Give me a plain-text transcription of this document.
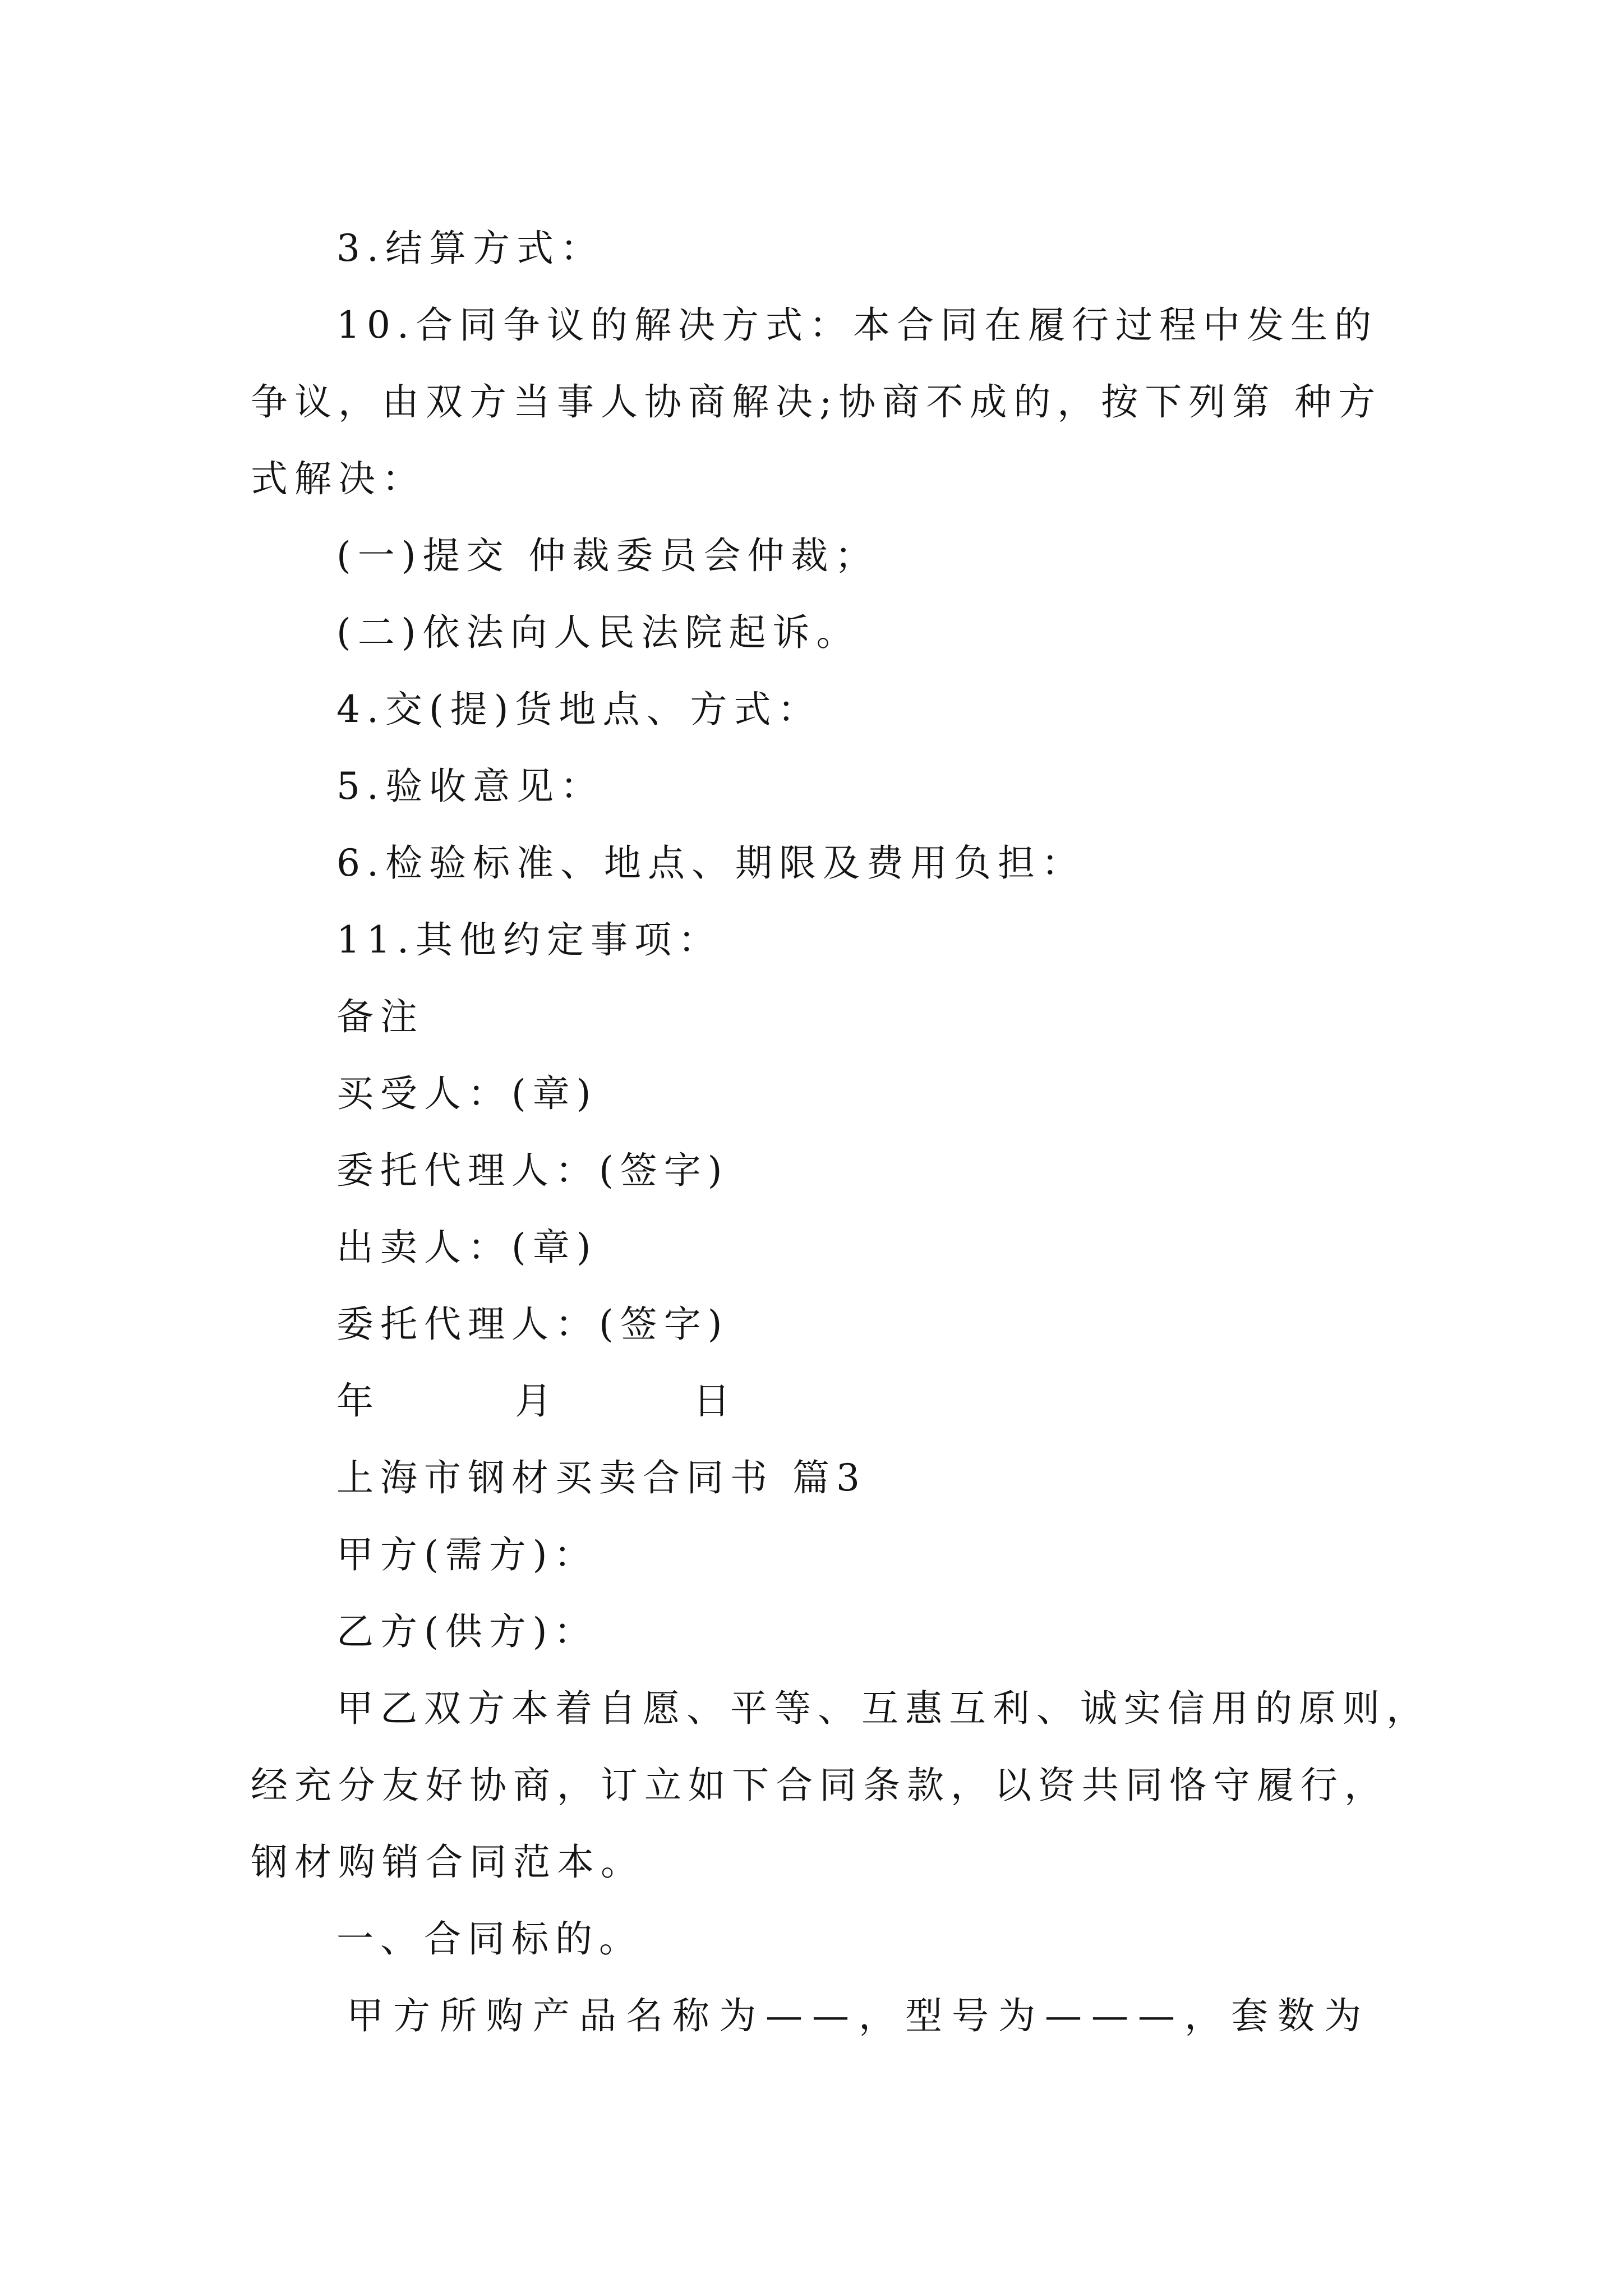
3.结算方式：
10.合同争议的解决方式：本合同在履行过程中发生的
争议，由双方当事人协商解决;协商不成的，按下列第 种方
式解决：
(一)提交 仲裁委员会仲裁；
(二)依法向人民法院起诉。
4.交(提)货地点、方式：
5.验收意见：
6.检验标准、地点、期限及费用负担：
11.其他约定事项：
备注
买受人：(章)
委托代理人：(签字)
出卖人：(章)
委托代理人：(签字)
年	月	日
上海市钢材买卖合同书 篇3
甲方(需方)：
乙方(供方)：
甲乙双方本着自愿、平等、互惠互利、诚实信用的原则，
经充分友好协商，订立如下合同条款，以资共同恪守履行，
钢材购销合同范本。
一、合同标的。
甲方所购产品名称为——，型号为———，套数为
